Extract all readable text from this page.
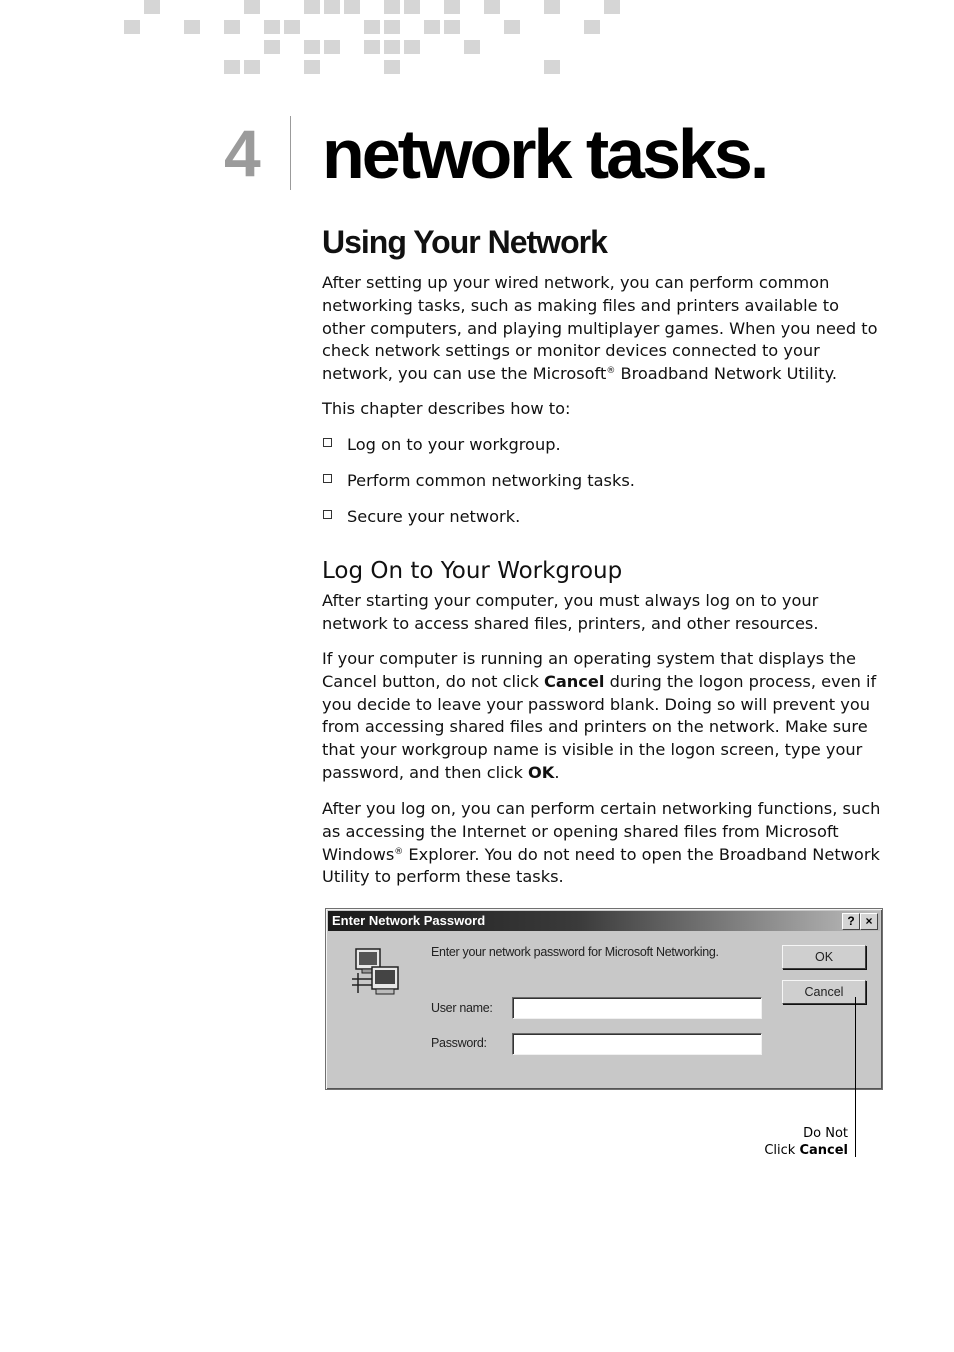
4 network tasks.
Using Your Network

After setting up your wired network, you can perform common networking tasks, such as making files and printers available to other computers, and playing multiplayer games. When you need to check network settings or monitor devices connected to your network, you can use the Microsoft® Broadband Network Utility.

This chapter describes how to:

Log on to your workgroup.
Perform common networking tasks.
Secure your network.
Log On to Your Workgroup

After starting your computer, you must always log on to your network to access shared files, printers, and other resources.

If your computer is running an operating system that displays the Cancel button, do not click Cancel during the logon process, even if you decide to leave your password blank. Doing so will prevent you from accessing shared files and printers on the network. Make sure that your workgroup name is visible in the logon screen, type your password, and then click OK.

After you log on, you can perform certain networking functions, such as accessing the Internet or opening shared files from Microsoft Windows® Explorer. You do not need to open the Broadband Network Utility to perform these tasks.

Enter Network Password	? ×
Enter your network password for Microsoft Networking.
User name:
Password:
OK
Cancel
Do Not
Click Cancel
